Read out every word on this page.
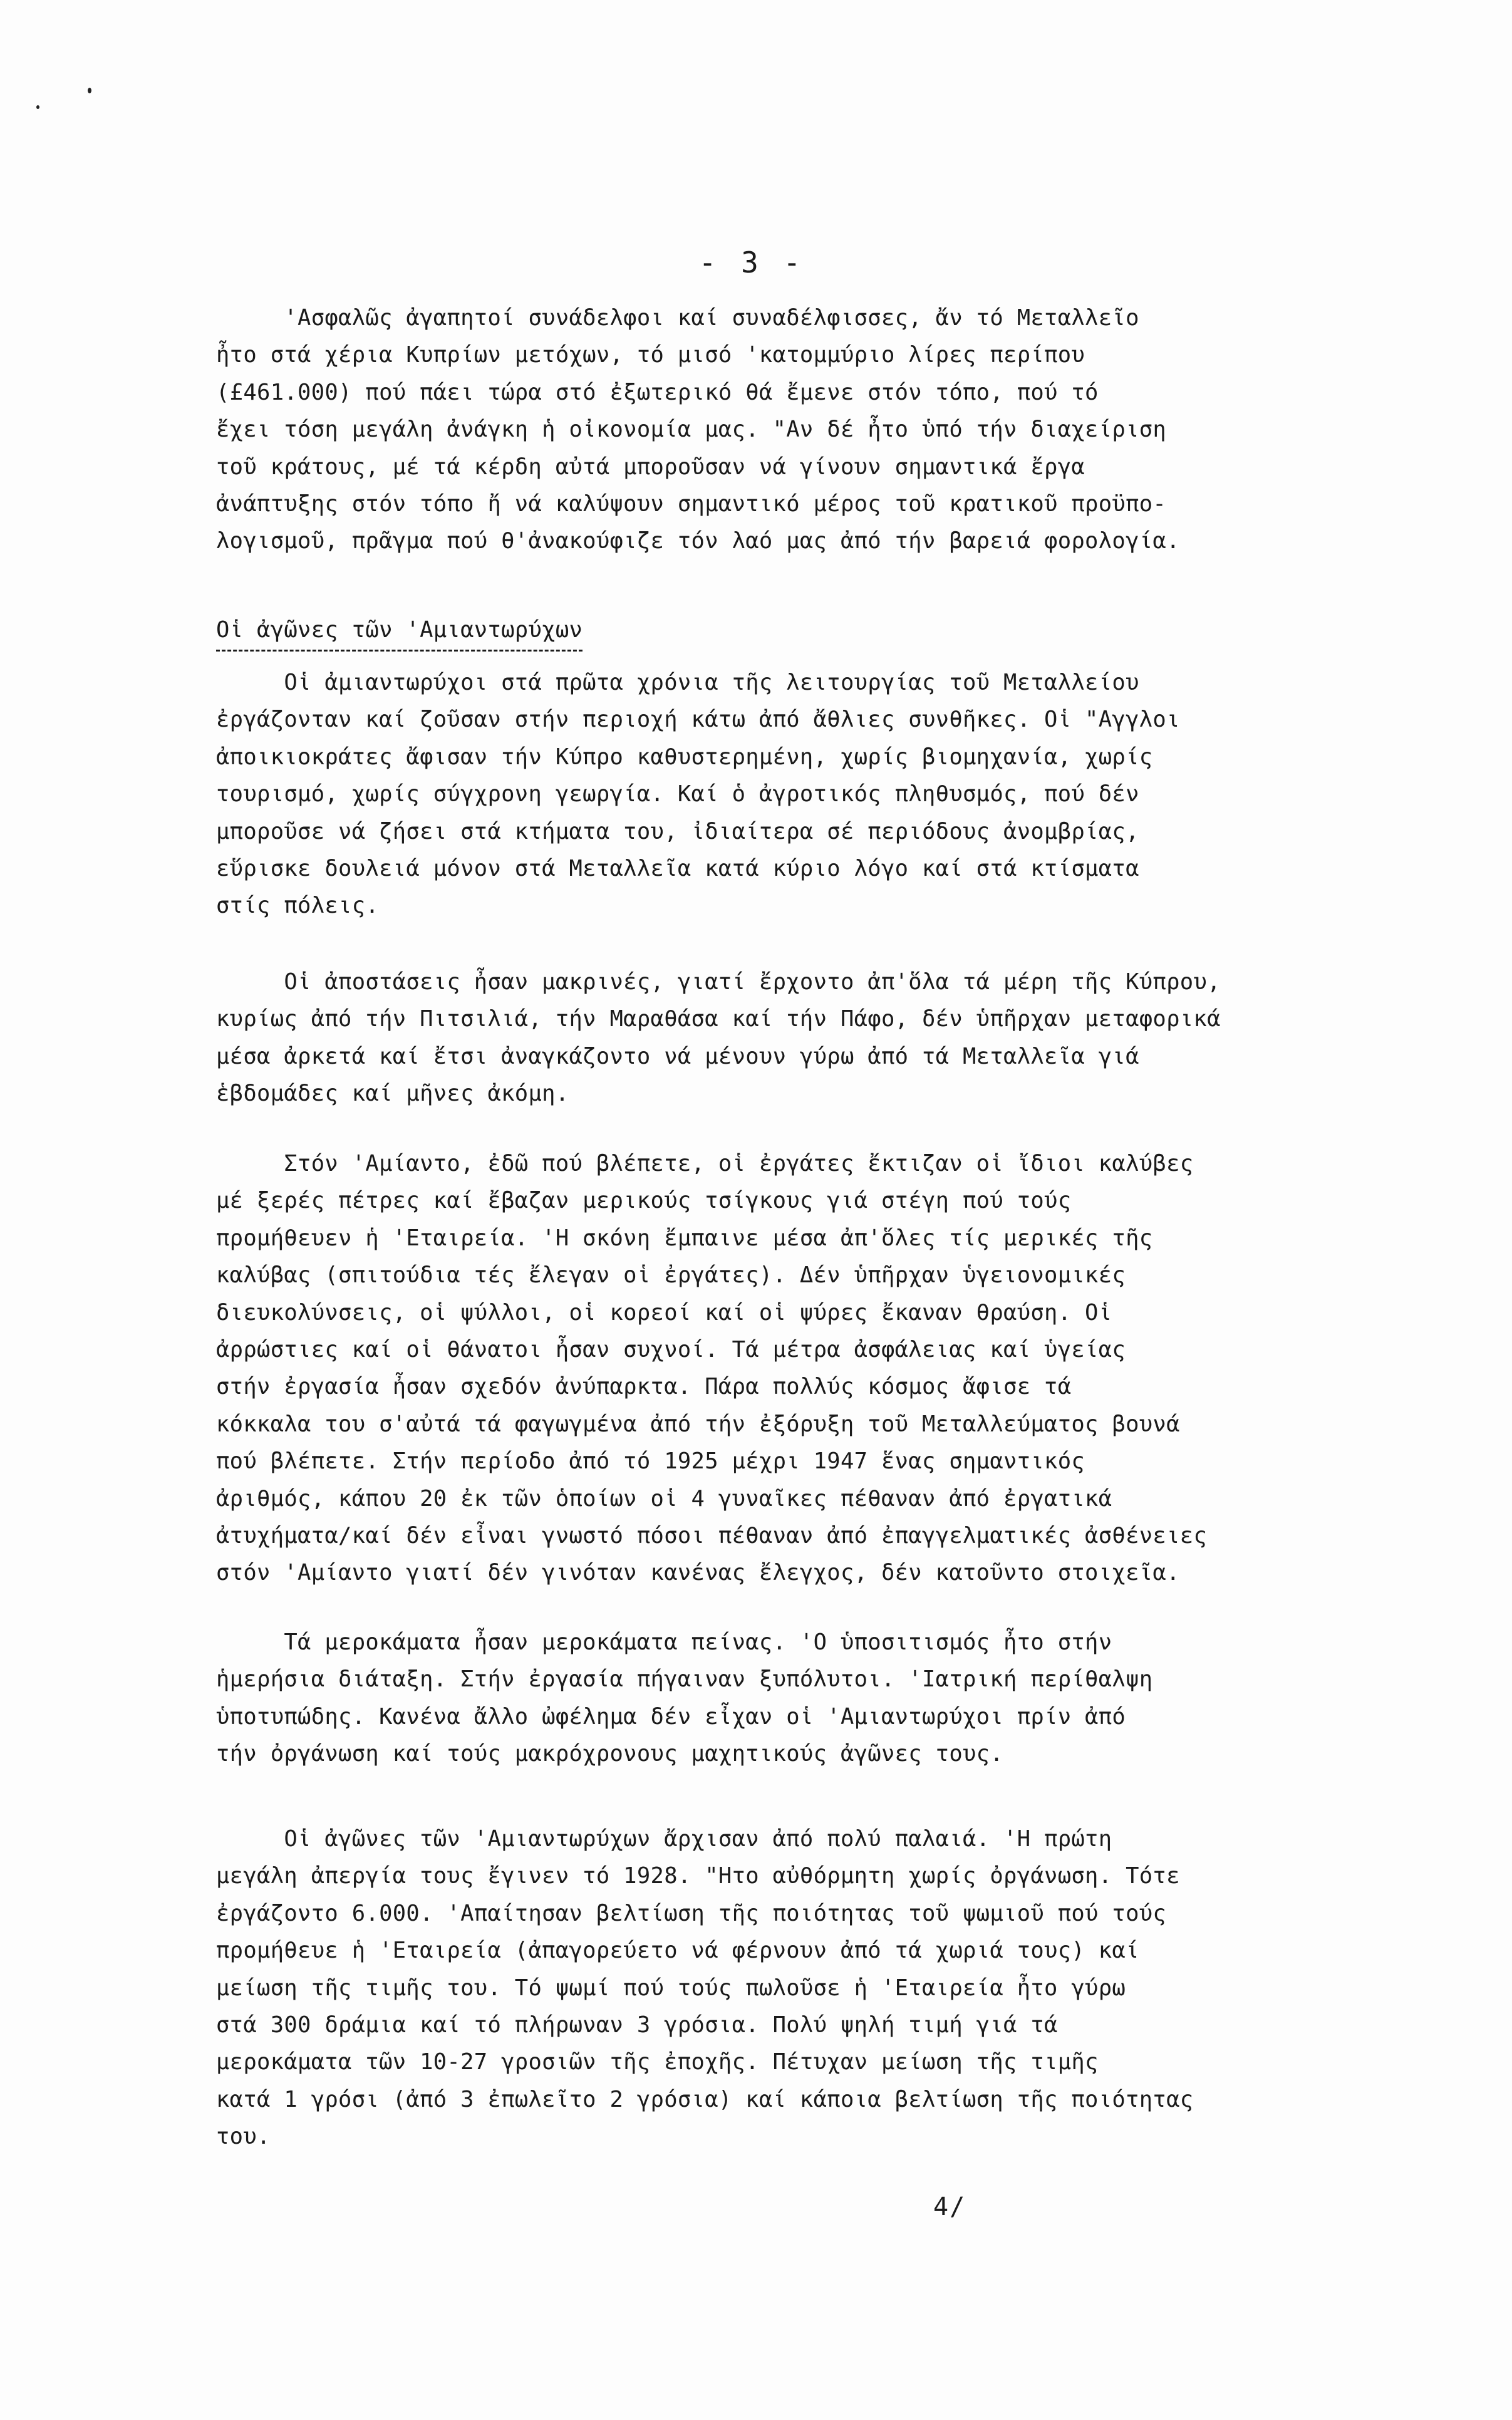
- 3 -

'Ασφαλῶς ἀγαπητοί συνάδελφοι καί συναδέλφισσες, ἄν τό Μεταλλεῖο
ἦτο στά χέρια Κυπρίων μετόχων, τό μισό 'κατομμύριο λίρες περίπου
(£461.000) πού πάει τώρα στό ἐξωτερικό θά ἔμενε στόν τόπο, πού τό
ἔχει τόση μεγάλη ἀνάγκη ἡ οἰκονομία μας. "Αν δέ ἦτο ὑπό τήν διαχείριση
τοῦ κράτους, μέ τά κέρδη αὐτά μποροῦσαν νά γίνουν σημαντικά ἔργα
ἀνάπτυξης στόν τόπο ἤ νά καλύψουν σημαντικό μέρος τοῦ κρατικοῦ προϋπο-
λογισμοῦ, πρᾶγμα πού θ'ἀνακούφιζε τόν λαό μας ἀπό τήν βαρειά φορολογία.

Οἱ ἀγῶνες τῶν 'Αμιαντωρύχων

Οἱ ἀμιαντωρύχοι στά πρῶτα χρόνια τῆς λειτουργίας τοῦ Μεταλλείου
ἐργάζονταν καί ζοῦσαν στήν περιοχή κάτω ἀπό ἄθλιες συνθῆκες. Οἱ "Αγγλοι
ἀποικιοκράτες ἄφισαν τήν Κύπρο καθυστερημένη, χωρίς βιομηχανία, χωρίς
τουρισμό, χωρίς σύγχρονη γεωργία. Καί ὁ ἀγροτικός πληθυσμός, πού δέν
μποροῦσε νά ζήσει στά κτήματα του, ἰδιαίτερα σέ περιόδους ἀνομβρίας,
εὕρισκε δουλειά μόνον στά Μεταλλεῖα κατά κύριο λόγο καί στά κτίσματα
στίς πόλεις.

Οἱ ἀποστάσεις ἦσαν μακρινές, γιατί ἔρχοντο ἀπ'ὅλα τά μέρη τῆς Κύπρου,
κυρίως ἀπό τήν Πιτσιλιά, τήν Μαραθάσα καί τήν Πάφο, δέν ὑπῆρχαν μεταφορικά
μέσα ἀρκετά καί ἔτσι ἀναγκάζοντο νά μένουν γύρω ἀπό τά Μεταλλεῖα γιά
ἑβδομάδες καί μῆνες ἀκόμη.

Στόν 'Αμίαντο, ἐδῶ πού βλέπετε, οἱ ἐργάτες ἔκτιζαν οἱ ἴδιοι καλύβες
μέ ξερές πέτρες καί ἔβαζαν μερικούς τσίγκους γιά στέγη πού τούς
προμήθευεν ἡ 'Εταιρεία. 'Η σκόνη ἔμπαινε μέσα ἀπ'ὅλες τίς μερικές τῆς
καλύβας (σπιτούδια τές ἔλεγαν οἱ ἐργάτες). Δέν ὑπῆρχαν ὑγειονομικές
διευκολύνσεις, οἱ ψύλλοι, οἱ κορεοί καί οἱ ψύρες ἔκαναν θραύση. Οἱ
ἀρρώστιες καί οἱ θάνατοι ἦσαν συχνοί. Τά μέτρα ἀσφάλειας καί ὑγείας
στήν ἐργασία ἦσαν σχεδόν ἀνύπαρκτα. Πάρα πολλύς κόσμος ἄφισε τά
κόκκαλα του σ'αὐτά τά φαγωγμένα ἀπό τήν ἐξόρυξη τοῦ Μεταλλεύματος βουνά
πού βλέπετε. Στήν περίοδο ἀπό τό 1925 μέχρι 1947 ἕνας σημαντικός
ἀριθμός, κάπου 20 ἐκ τῶν ὁποίων οἱ 4 γυναῖκες πέθαναν ἀπό ἐργατικά
ἀτυχήματα/καί δέν εἶναι γνωστό πόσοι πέθαναν ἀπό ἐπαγγελματικές ἀσθένειες
στόν 'Αμίαντο γιατί δέν γινόταν κανένας ἔλεγχος, δέν κατοῦντο στοιχεῖα.

Τά μεροκάματα ἦσαν μεροκάματα πείνας. 'Ο ὑποσιτισμός ἦτο στήν
ἡμερήσια διάταξη. Στήν ἐργασία πήγαιναν ξυπόλυτοι. 'Ιατρική περίθαλψη
ὑποτυπώδης. Κανένα ἄλλο ὠφέλημα δέν εἶχαν οἱ 'Αμιαντωρύχοι πρίν ἀπό
τήν ὀργάνωση καί τούς μακρόχρονους μαχητικούς ἀγῶνες τους.

Οἱ ἀγῶνες τῶν 'Αμιαντωρύχων ἄρχισαν ἀπό πολύ παλαιά. 'Η πρώτη
μεγάλη ἀπεργία τους ἔγινεν τό 1928. "Ητο αὐθόρμητη χωρίς ὀργάνωση. Τότε
ἐργάζοντο 6.000. 'Απαίτησαν βελτίωση τῆς ποιότητας τοῦ ψωμιοῦ πού τούς
προμήθευε ἡ 'Εταιρεία (ἀπαγορεύετο νά φέρνουν ἀπό τά χωριά τους) καί
μείωση τῆς τιμῆς του. Τό ψωμί πού τούς πωλοῦσε ἡ 'Εταιρεία ἦτο γύρω
στά 300 δράμια καί τό πλήρωναν 3 γρόσια. Πολύ ψηλή τιμή γιά τά
μεροκάματα τῶν 10-27 γροσιῶν τῆς ἐποχῆς. Πέτυχαν μείωση τῆς τιμῆς
κατά 1 γρόσι (ἀπό 3 ἐπωλεῖτο 2 γρόσια) καί κάποια βελτίωση τῆς ποιότητας
του.

4/
